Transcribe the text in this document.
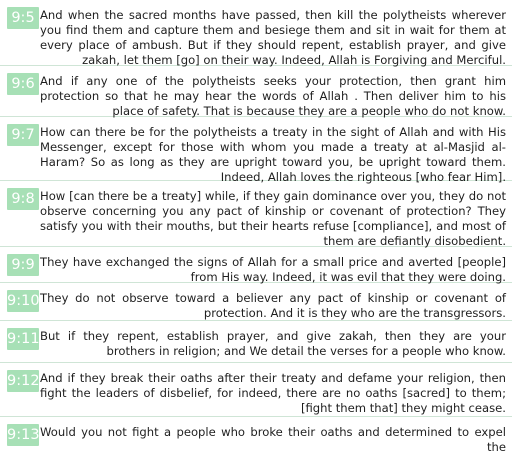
9:5 And when the sacred months have passed, then kill the polytheists wherever you find them and capture them and besiege them and sit in wait for them at every place of ambush. But if they should repent, establish prayer, and give zakah, let them [go] on their way. Indeed, Allah is Forgiving and Merciful.
9:6 And if any one of the polytheists seeks your protection, then grant him protection so that he may hear the words of Allah . Then deliver him to his place of safety. That is because they are a people who do not know.
9:7 How can there be for the polytheists a treaty in the sight of Allah and with His Messenger, except for those with whom you made a treaty at al-Masjid al-Haram? So as long as they are upright toward you, be upright toward them. Indeed, Allah loves the righteous [who fear Him].
9:8 How [can there be a treaty] while, if they gain dominance over you, they do not observe concerning you any pact of kinship or covenant of protection? They satisfy you with their mouths, but their hearts refuse [compliance], and most of them are defiantly disobedient.
9:9 They have exchanged the signs of Allah for a small price and averted [people] from His way. Indeed, it was evil that they were doing.
9:10 They do not observe toward a believer any pact of kinship or covenant of protection. And it is they who are the transgressors.
9:11 But if they repent, establish prayer, and give zakah, then they are your brothers in religion; and We detail the verses for a people who know.
9:12 And if they break their oaths after their treaty and defame your religion, then fight the leaders of disbelief, for indeed, there are no oaths [sacred] to them; [fight them that] they might cease.
9:13 Would you not fight a people who broke their oaths and determined to expel the
